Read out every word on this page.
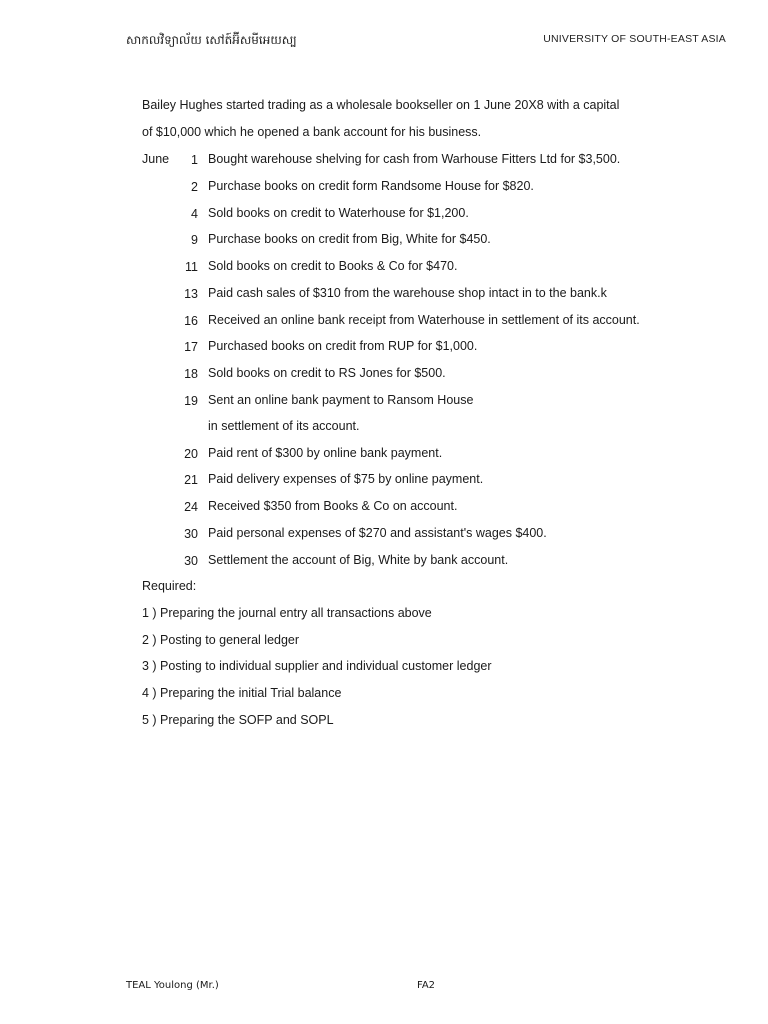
សាកលវិទ្យាល័យ សៅត៍អ៊ីសមីអេយស្ប	UNIVERSITY OF SOUTH-EAST ASIA
Bailey Hughes started trading as a wholesale bookseller on 1 June 20X8 with a capital
of $10,000 which he opened a bank account for his business.
June 1 Bought warehouse shelving for cash from Warhouse Fitters Ltd for $3,500.
2 Purchase books on credit form Randsome House for $820.
4 Sold books on credit to Waterhouse for $1,200.
9 Purchase books on credit from Big, White for $450.
11 Sold books on credit to Books & Co for $470.
13 Paid cash sales of $310 from the warehouse shop intact in to the bank.k
16 Received an online bank receipt from Waterhouse in settlement of its account.
17 Purchased books on credit from RUP for $1,000.
18 Sold books on credit to RS Jones for $500.
19 Sent an online bank payment to Ransom House
in settlement of its account.
20 Paid rent of $300 by online bank payment.
21 Paid delivery expenses of $75 by online payment.
24 Received $350 from Books & Co on account.
30 Paid personal expenses of $270 and assistant's wages $400.
30 Settlement the account of Big, White by bank account.
Required:
1 ) Preparing the journal entry all transactions above
2 ) Posting to general ledger
3 ) Posting to individual supplier and individual customer ledger
4 ) Preparing the initial Trial balance
5 ) Preparing the SOFP and SOPL
TEAL Youlong (Mr.)	FA2
